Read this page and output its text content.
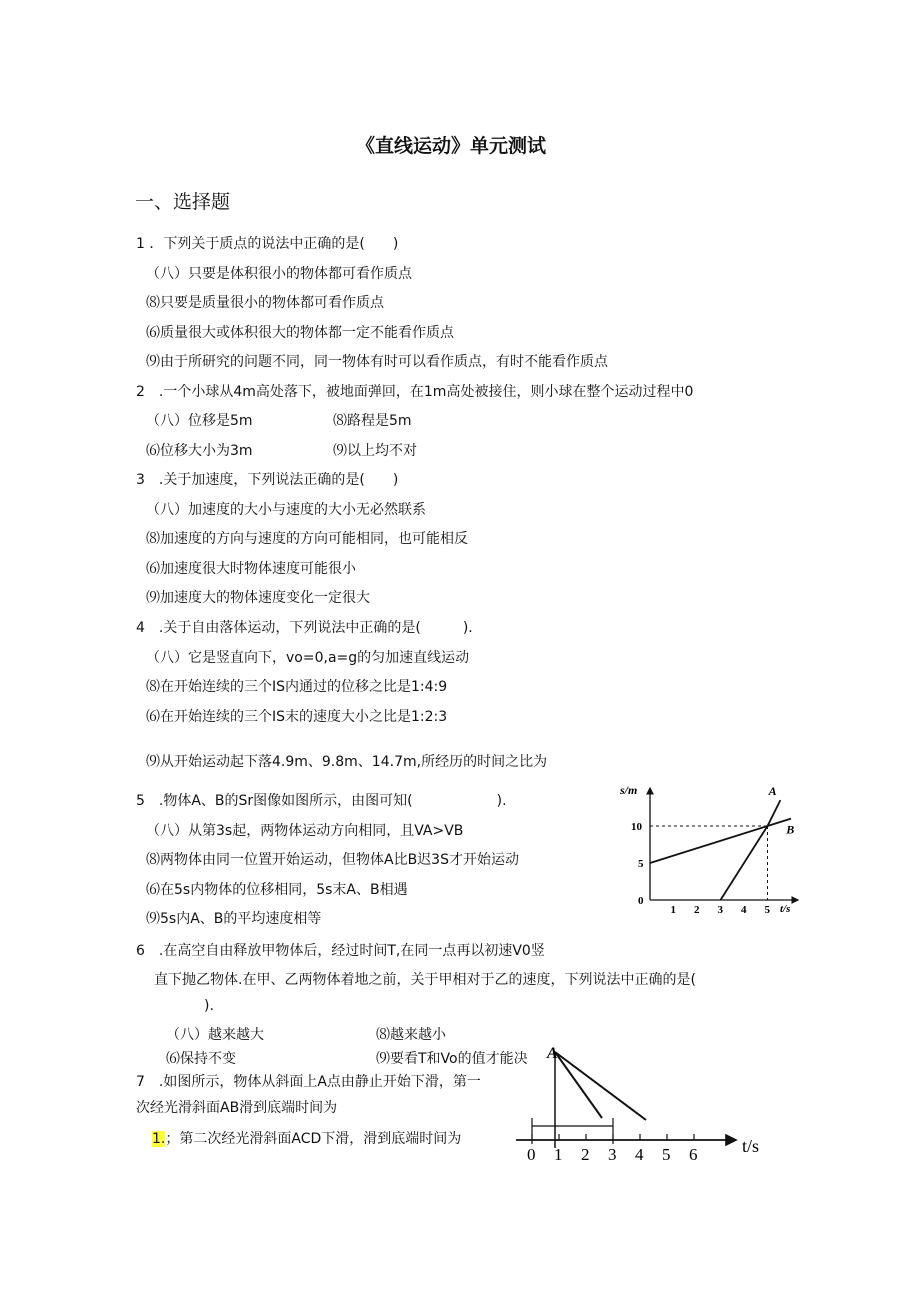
《直线运动》单元测试
一、选择题
1 ．下列关于质点的说法中正确的是(　　)
（八）只要是体积很小的物体都可看作质点
⑻只要是质量很小的物体都可看作质点
⑹质量很大或体积很大的物体都一定不能看作质点
⑼由于所研究的问题不同，同一物体有时可以看作质点，有时不能看作质点
2　.一个小球从4m高处落下，被地面弹回，在1m高处被接住，则小球在整个运动过程中0
（八）位移是5m	⑻路程是5m
⑹位移大小为3m	⑼以上均不对
3　.关于加速度，下列说法正确的是(　　)
（八）加速度的大小与速度的大小无必然联系
⑻加速度的方向与速度的方向可能相同，也可能相反
⑹加速度很大时物体速度可能很小
⑼加速度大的物体速度变化一定很大
4　.关于自由落体运动，下列说法中正确的是(　　　).
（八）它是竖直向下，vo=0,a=g的匀加速直线运动
⑻在开始连续的三个IS内通过的位移之比是1:4:9
⑹在开始连续的三个IS末的速度大小之比是1:2:3
⑼从开始运动起下落4.9m、9.8m、14.7m,所经历的时间之比为
5　.物体A、B的Sr图像如图所示，由图可知(　　　　　　).
（八）从第3s起，两物体运动方向相同，且VA>VB
⑻两物体由同一位置开始运动，但物体A比B迟3S才开始运动
⑹在5s内物体的位移相同，5s末A、B相遇
⑼5s内A、B的平均速度相等
s/m
t/s
0
A
B
1 2 3 4 5
5
10
6　.在高空自由释放甲物体后，经过时间T,在同一点再以初速V0竖
直下抛乙物体.在甲、乙两物体着地之前，关于甲相对于乙的速度，下列说法中正确的是(
).
（八）越来越大	⑻越来越小
⑹保持不变	⑼要看T和Vo的值才能决
7　.如图所示，物体从斜面上A点由静止开始下滑，第一
次经光滑斜面AB滑到底端时间为
1.；第二次经光滑斜面ACD下滑，滑到底端时间为
0 1 2 3 4 5 6
A
t/s
